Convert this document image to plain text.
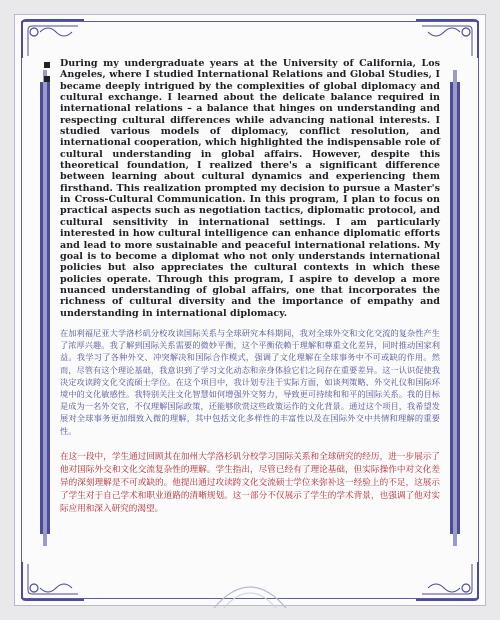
During my undergraduate years at the University of California, Los Angeles, where I studied International Relations and Global Studies, I became deeply intrigued by the complexities of global diplomacy and cultural exchange. I learned about the delicate balance required in international relations – a balance that hinges on understanding and respecting cultural differences while advancing national interests. I studied various models of diplomacy, conflict resolution, and international cooperation, which highlighted the indispensable role of cultural understanding in global affairs. However, despite this theoretical foundation, I realized there's a significant difference between learning about cultural dynamics and experiencing them firsthand. This realization prompted my decision to pursue a Master's in Cross-Cultural Communication. In this program, I plan to focus on practical aspects such as negotiation tactics, diplomatic protocol, and cultural sensitivity in international settings. I am particularly interested in how cultural intelligence can enhance diplomatic efforts and lead to more sustainable and peaceful international relations. My goal is to become a diplomat who not only understands international policies but also appreciates the cultural contexts in which these policies operate. Through this program, I aspire to develop a more nuanced understanding of global affairs, one that incorporates the richness of cultural diversity and the importance of empathy and understanding in international diplomacy.

在加利福尼亚大学洛杉矶分校攻读国际关系与全球研究本科期间，我对全球外交和文化交流的复杂性产生了浓厚兴趣。我了解到国际关系需要的微妙平衡，这个平衡依赖于理解和尊重文化差异，同时推动国家利益。我学习了各种外交、冲突解决和国际合作模式，强调了文化理解在全球事务中不可或缺的作用。然而，尽管有这个理论基础，我意识到了学习文化动态和亲身体验它们之间存在重要差异。这一认识促使我决定攻读跨文化交流硕士学位。在这个项目中，我计划专注于实际方面，如谈判策略、外交礼仪和国际环境中的文化敏感性。我特别关注文化智慧如何增强外交努力，导致更可持续和和平的国际关系。我的目标是成为一名外交官，不仅理解国际政策，还能够欣赏这些政策运作的文化背景。通过这个项目，我希望发展对全球事务更加细致入微的理解，其中包括文化多样性的丰富性以及在国际外交中共情和理解的重要性。

在这一段中，学生通过回顾其在加州大学洛杉矶分校学习国际关系和全球研究的经历，进一步展示了他对国际外交和文化交流复杂性的理解。学生指出，尽管已经有了理论基础，但实际操作中对文化差异的深刻理解是不可或缺的。他提出通过攻读跨文化交流硕士学位来弥补这一经验上的不足，这展示了学生对于自己学术和职业道路的清晰规划。这一部分不仅展示了学生的学术背景，也强调了他对实际应用和深入研究的渴望。
